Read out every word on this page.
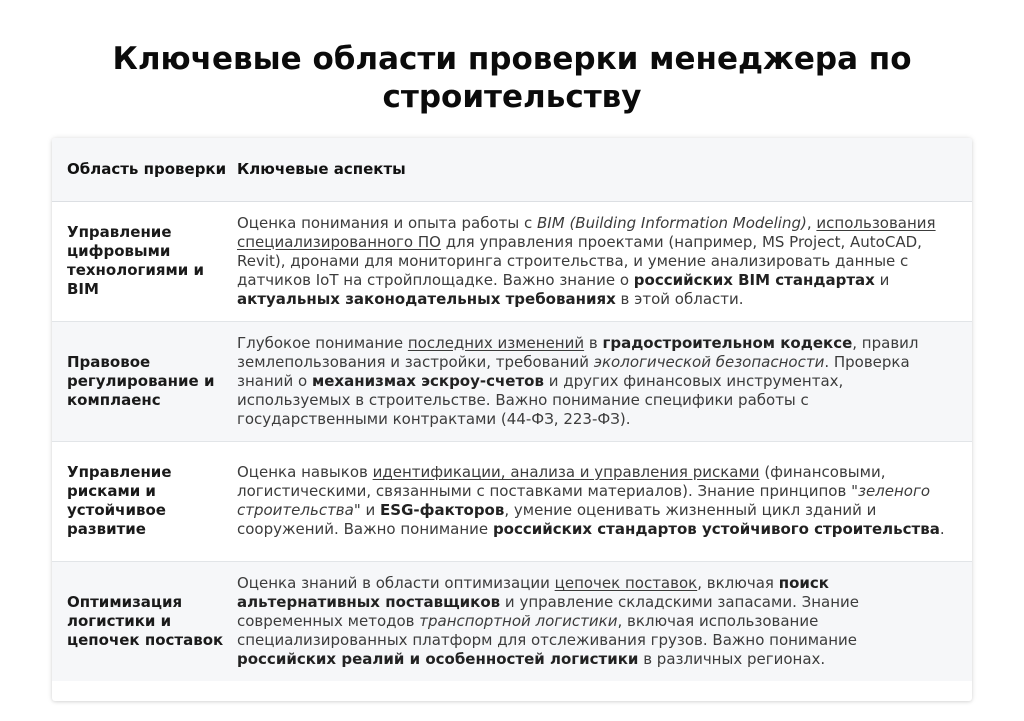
Ключевые области проверки менеджера по строительству
Область проверки	Ключевые аспекты
Управление цифровыми технологиями и BIM	Оценка понимания и опыта работы с BIM (Building Information Modeling), использования специализированного ПО для управления проектами (например, MS Project, AutoCAD, Revit), дронами для мониторинга строительства, и умение анализировать данные с датчиков IoT на стройплощадке. Важно знание о российских BIM стандартах и актуальных законодательных требованиях в этой области.
Правовое регулирование и комплаенс	Глубокое понимание последних изменений в градостроительном кодексе, правил землепользования и застройки, требований экологической безопасности. Проверка знаний о механизмах эскроу-счетов и других финансовых инструментах, используемых в строительстве. Важно понимание специфики работы с государственными контрактами (44-ФЗ, 223-ФЗ).
Управление рисками и устойчивое развитие	Оценка навыков идентификации, анализа и управления рисками (финансовыми, логистическими, связанными с поставками материалов). Знание принципов "зеленого строительства" и ESG-факторов, умение оценивать жизненный цикл зданий и сооружений. Важно понимание российских стандартов устойчивого строительства.
Оптимизация логистики и цепочек поставок	Оценка знаний в области оптимизации цепочек поставок, включая поиск альтернативных поставщиков и управление складскими запасами. Знание современных методов транспортной логистики, включая использование специализированных платформ для отслеживания грузов. Важно понимание российских реалий и особенностей логистики в различных регионах.
